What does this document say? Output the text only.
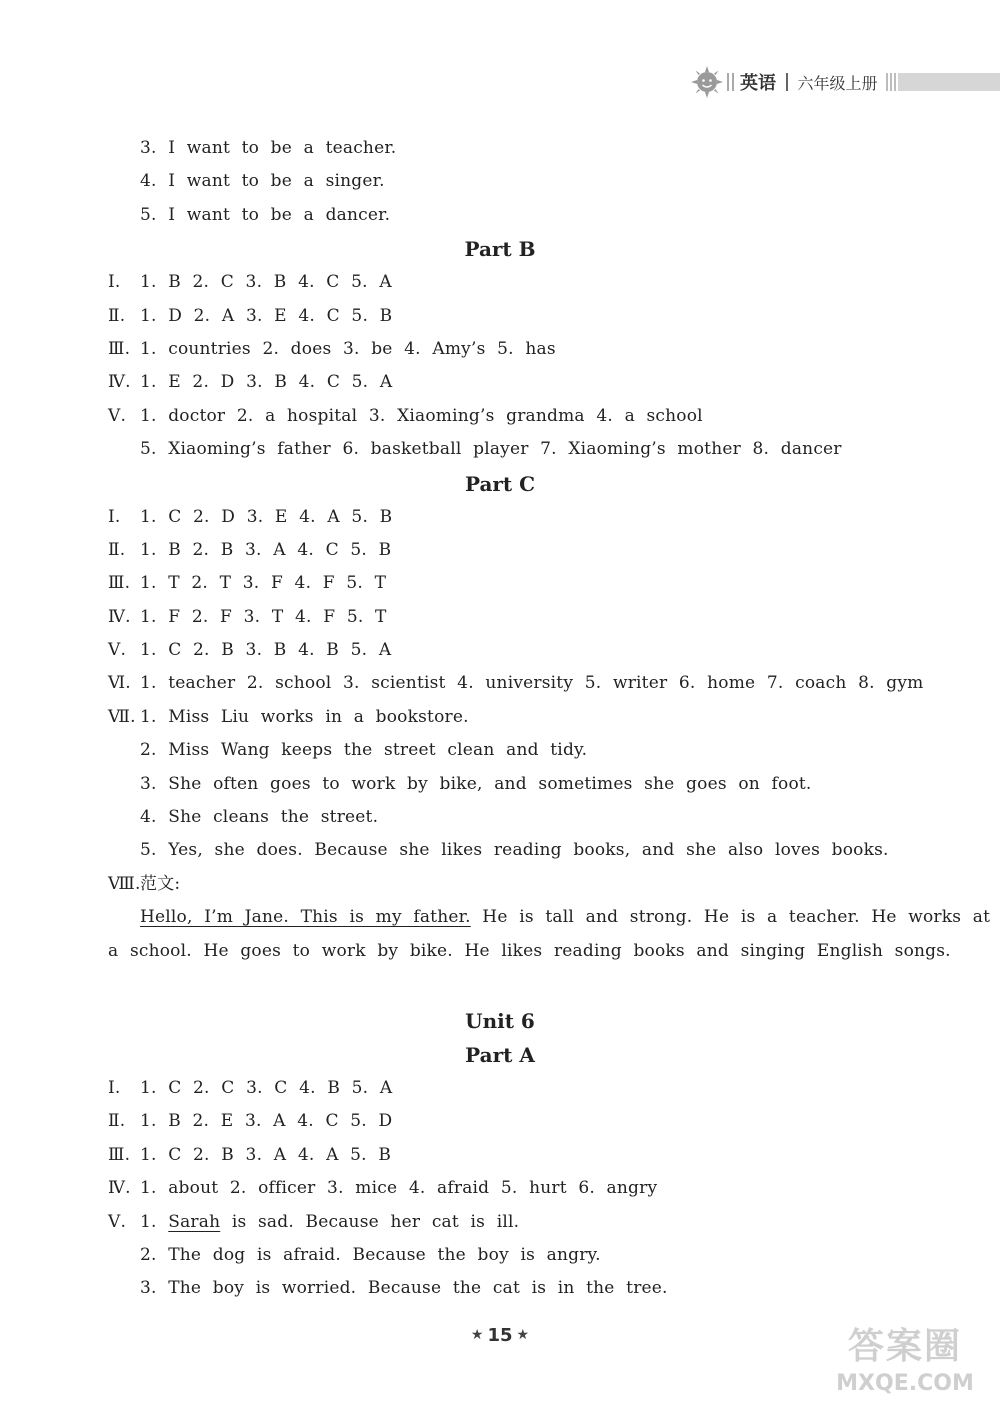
英语 六年级上册
3. I want to be a teacher.
4. I want to be a singer.
5. I want to be a dancer.
Part B
Ⅰ. 1. B 2. C 3. B 4. C 5. A
Ⅱ. 1. D 2. A 3. E 4. C 5. B
Ⅲ. 1. countries 2. does 3. be 4. Amy’s 5. has
Ⅳ. 1. E 2. D 3. B 4. C 5. A
Ⅴ. 1. doctor 2. a hospital 3. Xiaoming’s grandma 4. a school
5. Xiaoming’s father 6. basketball player 7. Xiaoming’s mother 8. dancer
Part C
Ⅰ. 1. C 2. D 3. E 4. A 5. B
Ⅱ. 1. B 2. B 3. A 4. C 5. B
Ⅲ. 1. T 2. T 3. F 4. F 5. T
Ⅳ. 1. F 2. F 3. T 4. F 5. T
Ⅴ. 1. C 2. B 3. B 4. B 5. A
Ⅵ. 1. teacher 2. school 3. scientist 4. university 5. writer 6. home 7. coach 8. gym
Ⅶ. 1. Miss Liu works in a bookstore.
2. Miss Wang keeps the street clean and tidy.
3. She often goes to work by bike, and sometimes she goes on foot.
4. She cleans the street.
5. Yes, she does. Because she likes reading books, and she also loves books.
Ⅷ.范文:
Hello, I’m Jane. This is my father. He is tall and strong. He is a teacher. He works at
a school. He goes to work by bike. He likes reading books and singing English songs.
Unit 6
Part A
Ⅰ. 1. C 2. C 3. C 4. B 5. A
Ⅱ. 1. B 2. E 3. A 4. C 5. D
Ⅲ. 1. C 2. B 3. A 4. A 5. B
Ⅳ. 1. about 2. officer 3. mice 4. afraid 5. hurt 6. angry
Ⅴ. 1. Sarah is sad. Because her cat is ill.
2. The dog is afraid. Because the boy is angry.
3. The boy is worried. Because the cat is in the tree.
★ 15 ★	答案圈
MXQE.COM
